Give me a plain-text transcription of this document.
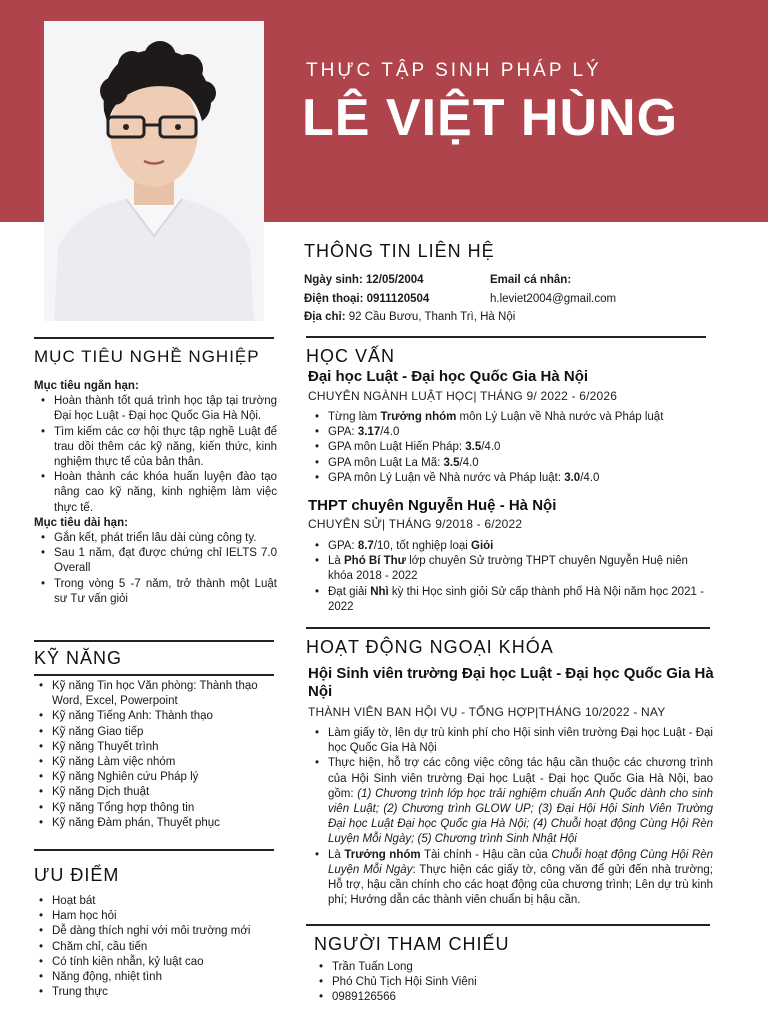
THỰC TẬP SINH PHÁP LÝ
LÊ VIỆT HÙNG
THÔNG TIN LIÊN HỆ
Ngày sinh: 12/05/2004
Điện thoại: 0911120504
Địa chỉ: 92 Cầu Bươu, Thanh Trì, Hà Nội
Email cá nhân:
h.leviet2004@gmail.com
MỤC TIÊU NGHỀ NGHIỆP
Mục tiêu ngắn hạn:
• Hoàn thành tốt quá trình học tập tại trường Đại học Luật - Đại học Quốc Gia Hà Nội.
• Tìm kiếm các cơ hội thực tập nghề Luật để trau dồi thêm các kỹ năng, kiến thức, kinh nghiệm thực tế của bản thân.
• Hoàn thành các khóa huấn luyện đào tạo nâng cao kỹ năng, kinh nghiệm làm việc thực tế.
Mục tiêu dài hạn:
• Gắn kết, phát triển lâu dài cùng công ty.
• Sau 1 năm, đạt được chứng chỉ IELTS 7.0 Overall
• Trong vòng 5 -7 năm, trở thành một Luật sư Tư vấn giỏi
KỸ NĂNG
• Kỹ năng Tin học Văn phòng: Thành thạo Word, Excel, Powerpoint
• Kỹ năng Tiếng Anh: Thành thạo
• Kỹ năng Giao tiếp
• Kỹ năng Thuyết trình
• Kỹ năng Làm việc nhóm
• Kỹ năng Nghiên cứu Pháp lý
• Kỹ năng Dịch thuật
• Kỹ năng Tổng hợp thông tin
• Kỹ năng Đàm phán, Thuyết phục
ƯU ĐIỂM
• Hoạt bát
• Ham học hỏi
• Dễ dàng thích nghi với môi trường mới
• Chăm chỉ, cầu tiến
• Có tính kiên nhẫn, kỷ luật cao
• Năng động, nhiệt tình
• Trung thực
HỌC VẤN
Đại học Luật - Đại học Quốc Gia Hà Nội
CHUYÊN NGÀNH LUẬT HỌC| THÁNG 9/ 2022 - 6/2026
• Từng làm Trưởng nhóm môn Lý Luận về Nhà nước và Pháp luật
• GPA: 3.17/4.0
• GPA môn Luật Hiến Pháp: 3.5/4.0
• GPA môn Luật La Mã: 3.5/4.0
• GPA môn Lý Luận về Nhà nước và Pháp luật: 3.0/4.0
THPT chuyên Nguyễn Huệ - Hà Nội
CHUYÊN SỬ| THÁNG 9/2018 - 6/2022
• GPA: 8.7/10, tốt nghiệp loại Giỏi
• Là Phó Bí Thư lớp chuyên Sử trường THPT chuyên Nguyễn Huệ niên khóa 2018 - 2022
• Đạt giải Nhì kỳ thi Học sinh giỏi Sử cấp thành phố Hà Nội năm học 2021 - 2022
HOẠT ĐỘNG NGOẠI KHÓA
Hội Sinh viên trường Đại học Luật - Đại học Quốc Gia Hà Nội
THÀNH VIÊN BAN HỘI VỤ - TỔNG HỢP|THÁNG 10/2022 - NAY
• Làm giấy tờ, lên dự trù kinh phí cho Hội sinh viên trường Đại học Luật - Đại học Quốc Gia Hà Nội
• Thực hiện, hỗ trợ các công việc công tác hậu cần thuộc các chương trình của Hội Sinh viên trường Đại học Luật - Đại học Quốc Gia Hà Nội, bao gồm: (1) Chương trình lớp học trải nghiệm chuẩn Anh Quốc dành cho sinh viên Luật; (2) Chương trình GLOW UP; (3) Đại Hội Hội Sinh Viên Trường Đại học Luật Đại học Quốc gia Hà Nội; (4) Chuỗi hoạt động Cùng Hội Rèn Luyện Mỗi Ngày; (5) Chương trình Sinh Nhật Hội
• Là Trưởng nhóm Tài chính - Hậu cần của Chuỗi hoạt động Cùng Hội Rèn Luyện Mỗi Ngày: Thực hiện các giấy tờ, công văn để gửi đến nhà trường; Hỗ trợ, hậu cần chính cho các hoạt động của chương trình; Lên dự trù kinh phí; Hướng dẫn các thành viên chuẩn bị hậu cần.
NGƯỜI THAM CHIẾU
• Trần Tuấn Long
• Phó Chủ Tịch Hội Sinh Viêni
• 0989126566
